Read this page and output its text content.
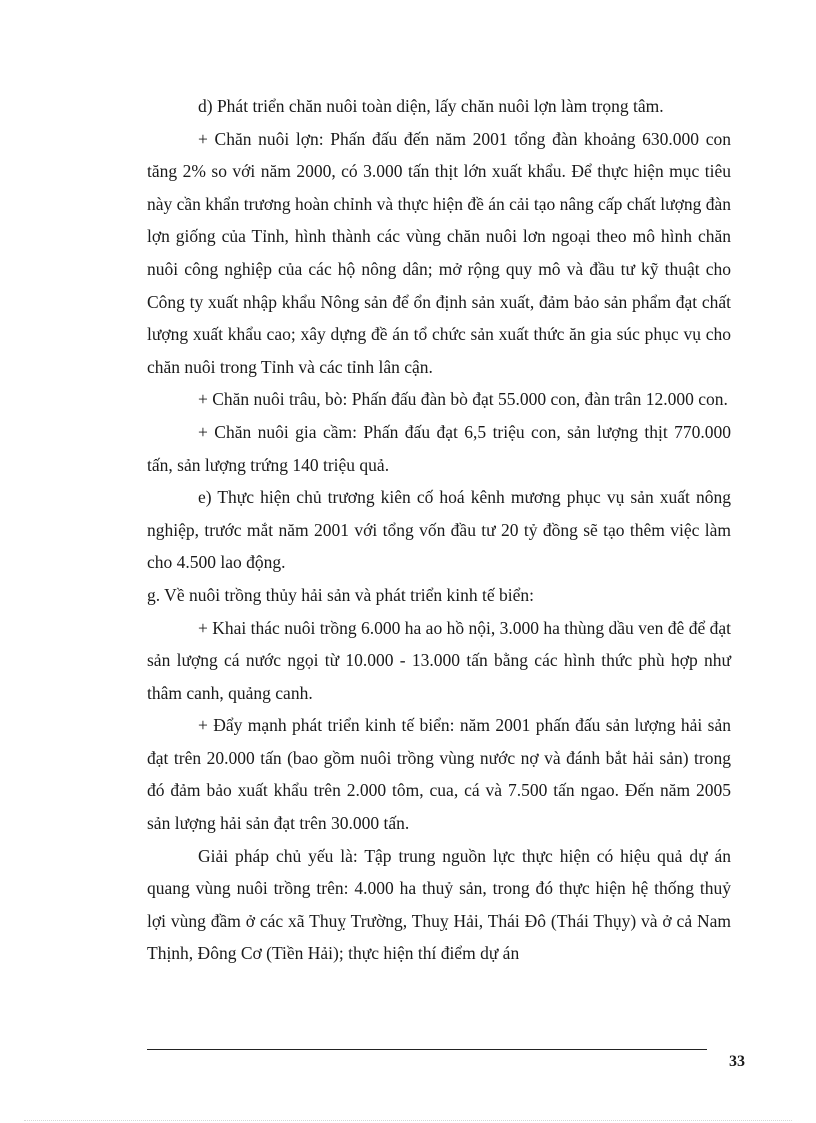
d) Phát triển chăn nuôi toàn diện, lấy chăn nuôi lợn làm trọng tâm.

+ Chăn nuôi lợn: Phấn đấu đến năm 2001 tổng đàn khoảng 630.000 con tăng 2% so với năm 2000, có 3.000 tấn thịt lớn xuất khẩu. Để thực hiện mục tiêu này cần khẩn trương hoàn chỉnh và thực hiện đề án cải tạo nâng cấp chất lượng đàn lợn giống của Tỉnh, hình thành các vùng chăn nuôi lơn ngoại theo mô hình chăn nuôi công nghiệp của các hộ nông dân; mở rộng quy mô và đầu tư kỹ thuật cho Công ty xuất nhập khẩu Nông sản để ổn định sản xuất, đảm bảo sản phẩm đạt chất lượng xuất khẩu cao; xây dựng đề án tổ chức sản xuất thức ăn gia súc phục vụ cho chăn nuôi trong Tỉnh và các tỉnh lân cận.

+ Chăn nuôi trâu, bò: Phấn đấu đàn bò đạt 55.000 con, đàn trân 12.000 con.

+ Chăn nuôi gia cầm: Phấn đấu đạt 6,5 triệu con, sản lượng thịt 770.000 tấn, sản lượng trứng 140 triệu quả.

e) Thực hiện chủ trương kiên cố hoá kênh mương phục vụ sản xuất nông nghiệp, trước mắt năm 2001 với tổng vốn đầu tư 20 tỷ đồng sẽ tạo thêm việc làm cho 4.500 lao động.

g. Về nuôi trồng thủy hải sản và phát triển kinh tế biển:

+ Khai thác nuôi trồng 6.000 ha ao hồ nội, 3.000 ha thùng dầu ven đê để đạt sản lượng cá nước ngọi từ 10.000 - 13.000 tấn bằng các hình thức phù hợp như thâm canh, quảng canh.

+ Đẩy mạnh phát triển kinh tế biển: năm 2001 phấn đấu sản lượng hải sản đạt trên 20.000 tấn (bao gồm nuôi trồng vùng nước nợ và đánh bắt hải sản) trong đó đảm bảo xuất khẩu trên 2.000 tôm, cua, cá và 7.500 tấn ngao. Đến năm 2005 sản lượng hải sản đạt trên 30.000 tấn.

Giải pháp chủ yếu là: Tập trung nguồn lực thực hiện có hiệu quả dự án quang vùng nuôi trồng trên: 4.000 ha thuỷ sản, trong đó thực hiện hệ thống thuỷ lợi vùng đầm ở các xã Thuỵ Trường, Thuỵ Hải, Thái Đô (Thái Thụy) và ở cả Nam Thịnh, Đông Cơ (Tiền Hải); thực hiện thí điểm dự án

33
